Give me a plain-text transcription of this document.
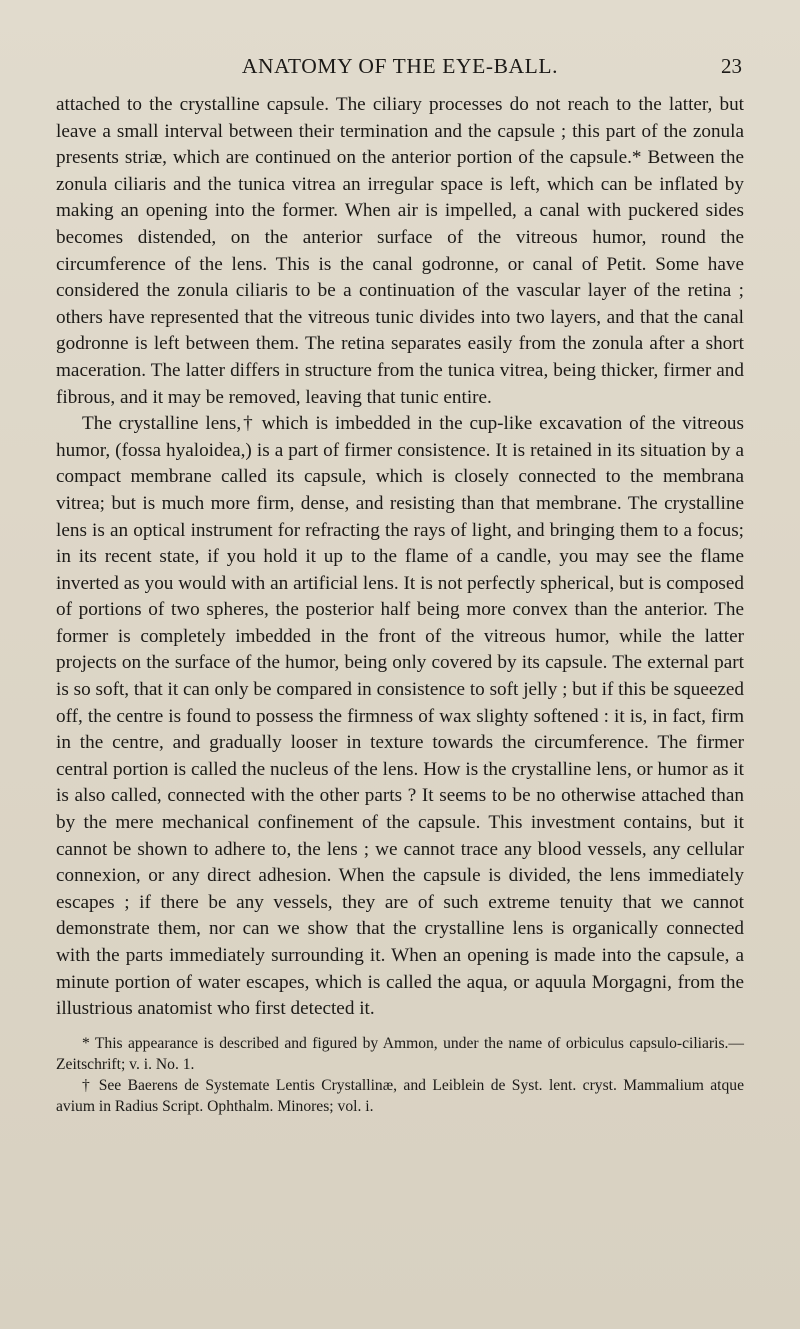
ANATOMY OF THE EYE-BALL.	23

attached to the crystalline capsule. The ciliary processes do not reach to the latter, but leave a small interval between their termination and the capsule ; this part of the zonula presents striæ, which are continued on the anterior portion of the capsule.* Between the zonula ciliaris and the tunica vitrea an irregular space is left, which can be inflated by making an opening into the former. When air is impelled, a canal with puckered sides becomes distended, on the anterior surface of the vitreous humor, round the circumference of the lens. This is the canal godronne, or canal of Petit. Some have considered the zonula ciliaris to be a continuation of the vascular layer of the retina ; others have represented that the vitreous tunic divides into two layers, and that the canal godronne is left between them. The retina separates easily from the zonula after a short maceration. The latter differs in structure from the tunica vitrea, being thicker, firmer and fibrous, and it may be removed, leaving that tunic entire.

The crystalline lens,† which is imbedded in the cup-like excavation of the vitreous humor, (fossa hyaloidea,) is a part of firmer consistence. It is retained in its situation by a compact membrane called its capsule, which is closely connected to the membrana vitrea; but is much more firm, dense, and resisting than that membrane. The crystalline lens is an optical instrument for refracting the rays of light, and bringing them to a focus; in its recent state, if you hold it up to the flame of a candle, you may see the flame inverted as you would with an artificial lens. It is not perfectly spherical, but is composed of portions of two spheres, the posterior half being more convex than the anterior. The former is completely imbedded in the front of the vitreous humor, while the latter projects on the surface of the humor, being only covered by its capsule. The external part is so soft, that it can only be compared in consistence to soft jelly ; but if this be squeezed off, the centre is found to possess the firmness of wax slighty softened : it is, in fact, firm in the centre, and gradually looser in texture towards the circumference. The firmer central portion is called the nucleus of the lens. How is the crystalline lens, or humor as it is also called, connected with the other parts ? It seems to be no otherwise attached than by the mere mechanical confinement of the capsule. This investment contains, but it cannot be shown to adhere to, the lens ; we cannot trace any blood vessels, any cellular connexion, or any direct adhesion. When the capsule is divided, the lens immediately escapes ; if there be any vessels, they are of such extreme tenuity that we cannot demonstrate them, nor can we show that the crystalline lens is organically connected with the parts immediately surrounding it. When an opening is made into the capsule, a minute portion of water escapes, which is called the aqua, or aquula Morgagni, from the illustrious anatomist who first detected it.

* This appearance is described and figured by Ammon, under the name of orbiculus capsulo-ciliaris.—Zeitschrift; v. i. No. 1.

† See Baerens de Systemate Lentis Crystallinæ, and Leiblein de Syst. lent. cryst. Mammalium atque avium in Radius Script. Ophthalm. Minores; vol. i.
